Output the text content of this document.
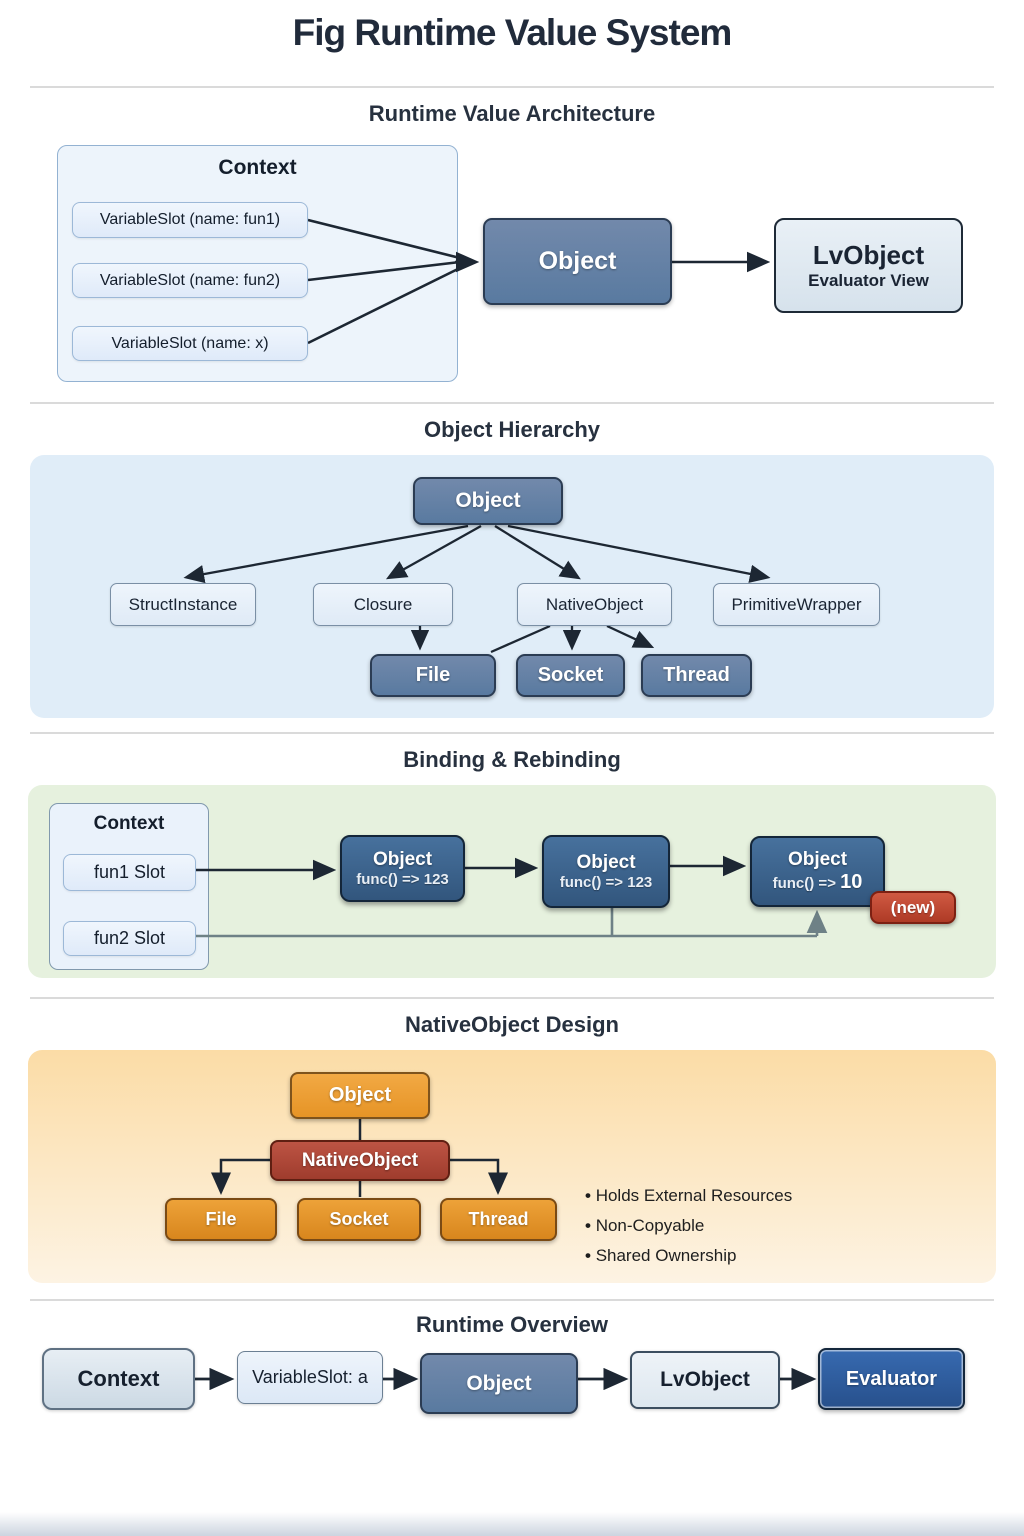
Fig Runtime Value System
Runtime Value Architecture
Context
VariableSlot (name: fun1)
VariableSlot (name: fun2)
VariableSlot (name: x)
Object	LvObject
Evaluator View
Object Hierarchy
Object
StructInstance	Closure	NativeObject	PrimitiveWrapper
File	Socket	Thread
Binding & Rebinding
Context
fun1 Slot
fun2 Slot
Object
func() => 123
Object
func() => 123
Object
func() => 10
(new)
NativeObject Design
Object
NativeObject
File	Socket	Thread
• Holds External Resources
• Non-Copyable
• Shared Ownership
Runtime Overview
Context	VariableSlot: a	Object	LvObject	Evaluator
